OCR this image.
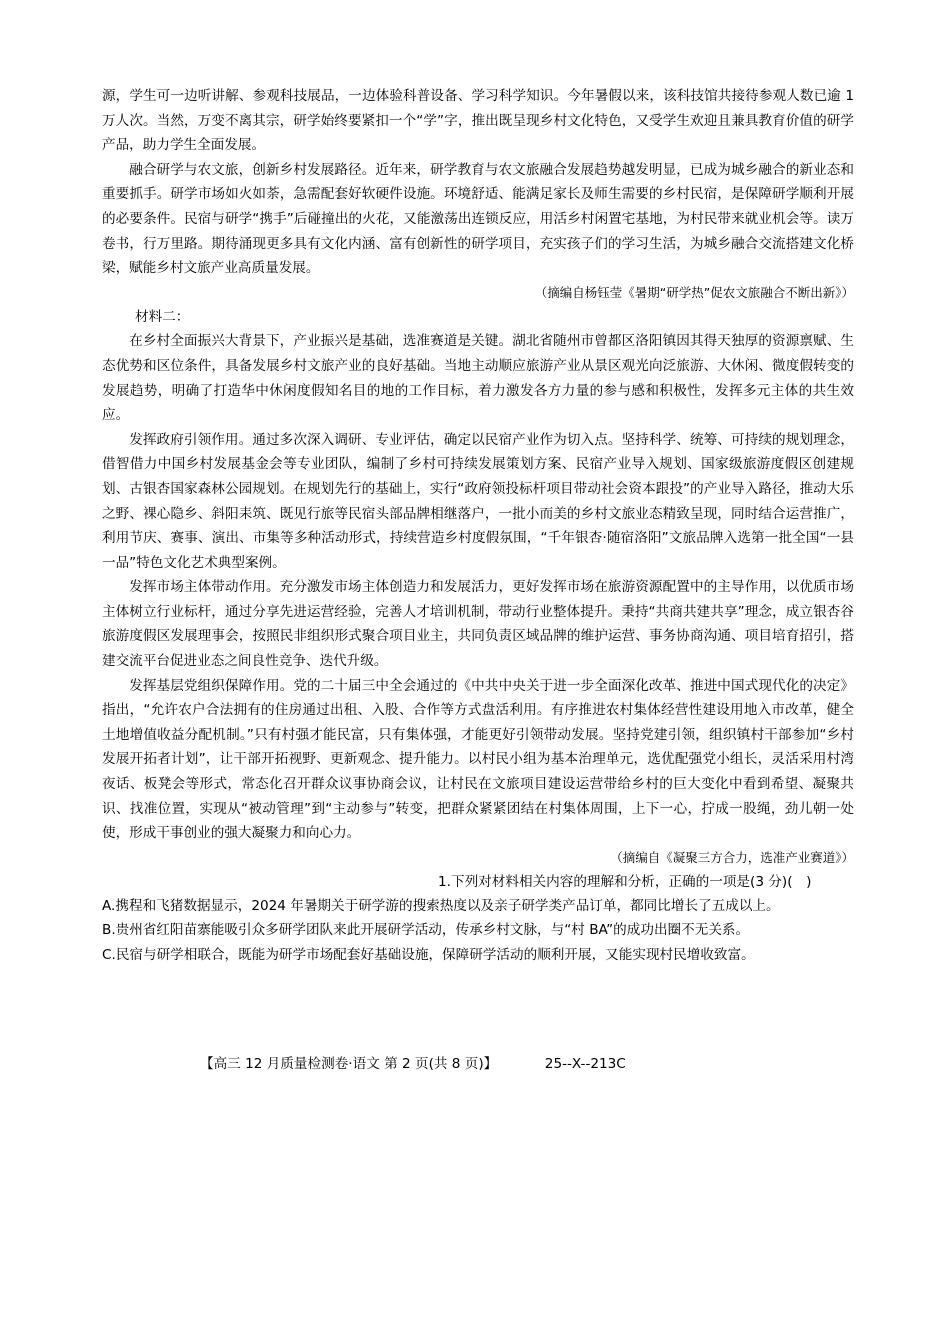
源，学生可一边听讲解、参观科技展品，一边体验科普设备、学习科学知识。今年暑假以来，该科技馆共接待参观人数已逾 1 万人次。当然，万变不离其宗，研学始终要紧扣一个“学”字，推出既呈现乡村文化特色，又受学生欢迎且兼具教育价值的研学产品，助力学生全面发展。

融合研学与农文旅，创新乡村发展路径。近年来，研学教育与农文旅融合发展趋势越发明显，已成为城乡融合的新业态和重要抓手。研学市场如火如荼，急需配套好软硬件设施。环境舒适、能满足家长及师生需要的乡村民宿，是保障研学顺利开展的必要条件。民宿与研学“携手”后碰撞出的火花，又能激荡出连锁反应，用活乡村闲置宅基地，为村民带来就业机会等。读万卷书，行万里路。期待涌现更多具有文化内涵、富有创新性的研学项目，充实孩子们的学习生活，为城乡融合交流搭建文化桥梁，赋能乡村文旅产业高质量发展。

（摘编自杨钰莹《暑期“研学热”促农文旅融合不断出新》）

材料二：

在乡村全面振兴大背景下，产业振兴是基础，选准赛道是关键。湖北省随州市曾都区洛阳镇因其得天独厚的资源禀赋、生态优势和区位条件，具备发展乡村文旅产业的良好基础。当地主动顺应旅游产业从景区观光向泛旅游、大休闲、微度假转变的发展趋势，明确了打造华中休闲度假知名目的地的工作目标，着力激发各方力量的参与感和积极性，发挥多元主体的共生效应。

发挥政府引领作用。通过多次深入调研、专业评估，确定以民宿产业作为切入点。坚持科学、统筹、可持续的规划理念，借智借力中国乡村发展基金会等专业团队，编制了乡村可持续发展策划方案、民宿产业导入规划、国家级旅游度假区创建规划、古银杏国家森林公园规划。在规划先行的基础上，实行“政府领投标杆项目带动社会资本跟投”的产业导入路径，推动大乐之野、裸心隐乡、斜阳耒筑、既见行旅等民宿头部品牌相继落户，一批小而美的乡村文旅业态精致呈现，同时结合运营推广，利用节庆、赛事、演出、市集等多种活动形式，持续营造乡村度假氛围，“千年银杏·随宿洛阳”文旅品牌入选第一批全国“一县一品”特色文化艺术典型案例。

发挥市场主体带动作用。充分激发市场主体创造力和发展活力，更好发挥市场在旅游资源配置中的主导作用，以优质市场主体树立行业标杆，通过分享先进运营经验，完善人才培训机制，带动行业整体提升。秉持“共商共建共享”理念，成立银杏谷旅游度假区发展理事会，按照民非组织形式聚合项目业主，共同负责区域品牌的维护运营、事务协商沟通、项目培育招引，搭建交流平台促进业态之间良性竞争、迭代升级。

发挥基层党组织保障作用。党的二十届三中全会通过的《中共中央关于进一步全面深化改革、推进中国式现代化的决定》指出，“允许农户合法拥有的住房通过出租、入股、合作等方式盘活利用。有序推进农村集体经营性建设用地入市改革，健全土地增值收益分配机制。”只有村强才能民富，只有集体强，才能更好引领带动发展。坚持党建引领，组织镇村干部参加“乡村发展开拓者计划”，让干部开拓视野、更新观念、提升能力。以村民小组为基本治理单元，选优配强党小组长，灵活采用村湾夜话、板凳会等形式，常态化召开群众议事协商会议，让村民在文旅项目建设运营带给乡村的巨大变化中看到希望、凝聚共识、找准位置，实现从“被动管理”到“主动参与”转变，把群众紧紧团结在村集体周围，上下一心，拧成一股绳，劲儿朝一处使，形成干事创业的强大凝聚力和向心力。

（摘编自《凝聚三方合力，选准产业赛道》）

1.下列对材料相关内容的理解和分析，正确的一项是(3 分)(　)

A.携程和飞猪数据显示，2024 年暑期关于研学游的搜索热度以及亲子研学类产品订单，都同比增长了五成以上。

B.贵州省红阳苗寨能吸引众多研学团队来此开展研学活动，传承乡村文脉，与“村 BA”的成功出圈不无关系。

C.民宿与研学相联合，既能为研学市场配套好基础设施，保障研学活动的顺利开展，又能实现村民增收致富。

【高三 12 月质量检测卷·语文 第 2 页(共 8 页)】           25--X--213C
